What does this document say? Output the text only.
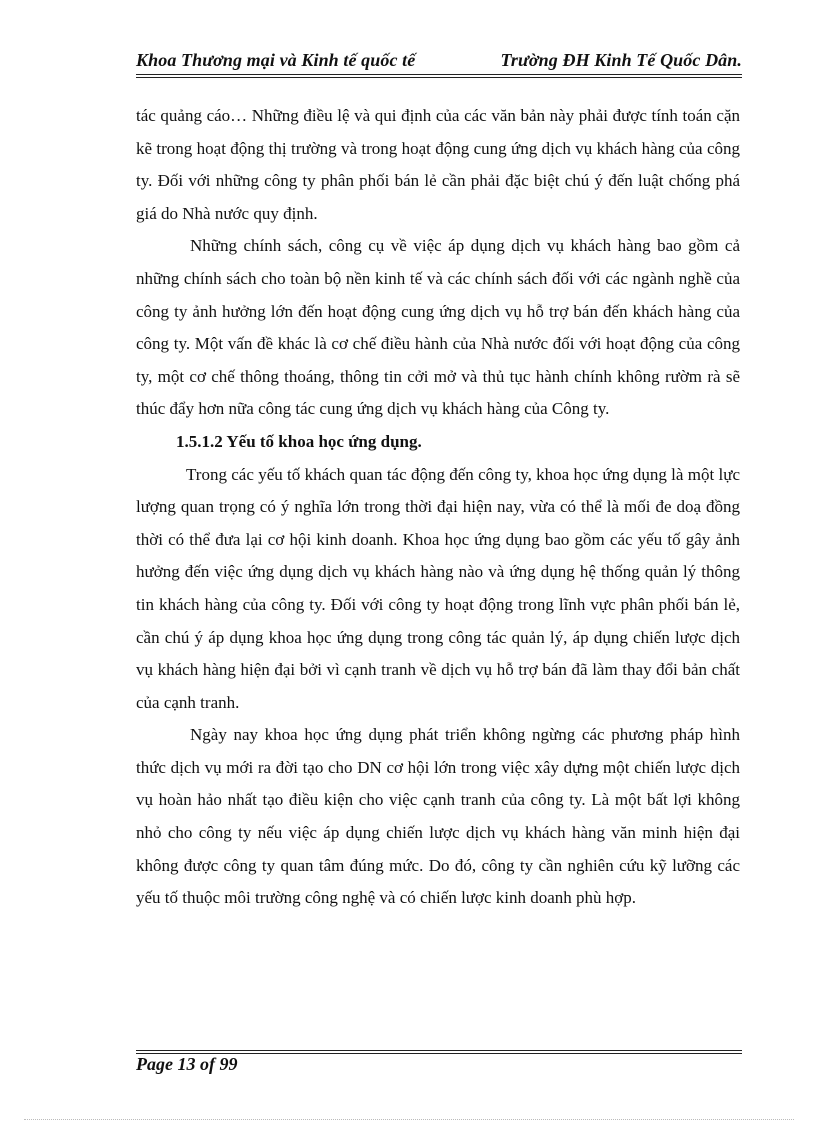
Khoa Thương mại và Kinh tế quốc tế	Trường ĐH Kinh Tế Quốc Dân.

tác quảng cáo… Những điều lệ và qui định của các văn bản này phải được tính toán cặn kẽ trong hoạt động thị trường và trong hoạt động cung ứng dịch vụ khách hàng của công ty. Đối với những công ty phân phối bán lẻ cần phải đặc biệt chú ý đến luật chống phá giá do Nhà nước quy định.

Những chính sách, công cụ về việc áp dụng dịch vụ khách hàng bao gồm cả những chính sách cho toàn bộ nền kinh tế và các chính sách đối với các ngành nghề của công ty ảnh hưởng lớn đến hoạt động cung ứng dịch vụ hỗ trợ bán đến khách hàng của công ty. Một vấn đề khác là cơ chế điều hành của Nhà nước đối với hoạt động của công ty, một cơ chế thông thoáng, thông tin cởi mở và thủ tục hành chính không rườm rà sẽ thúc đẩy hơn nữa công tác cung ứng dịch vụ khách hàng của Công ty.

1.5.1.2 Yếu tố khoa học ứng dụng.

Trong các yếu tố khách quan tác động đến công ty, khoa học ứng dụng là một lực lượng quan trọng có ý nghĩa lớn trong thời đại hiện nay, vừa có thể là mối đe doạ đồng thời có thể đưa lại cơ hội kinh doanh. Khoa học ứng dụng bao gồm các yếu tố gây ảnh hưởng đến việc ứng dụng dịch vụ khách hàng nào và ứng dụng hệ thống quản lý thông tin khách hàng của công ty. Đối với công ty hoạt động trong lĩnh vực phân phối bán lẻ, cần chú ý áp dụng khoa học ứng dụng trong công tác quản lý, áp dụng chiến lược dịch vụ khách hàng hiện đại bởi vì cạnh tranh về dịch vụ hỗ trợ bán đã làm thay đổi bản chất của cạnh tranh.

Ngày nay khoa học ứng dụng phát triển không ngừng các phương pháp hình thức dịch vụ mới ra đời tạo cho DN cơ hội lớn trong việc xây dựng một chiến lược dịch vụ hoàn hảo nhất tạo điều kiện cho việc cạnh tranh của công ty. Là một bất lợi không nhỏ cho công ty nếu việc áp dụng chiến lược dịch vụ khách hàng văn minh hiện đại không được công ty quan tâm đúng mức. Do đó, công ty cần nghiên cứu kỹ lưỡng các yếu tố thuộc môi trường công nghệ và có chiến lược kinh doanh phù hợp.

Page 13 of 99
